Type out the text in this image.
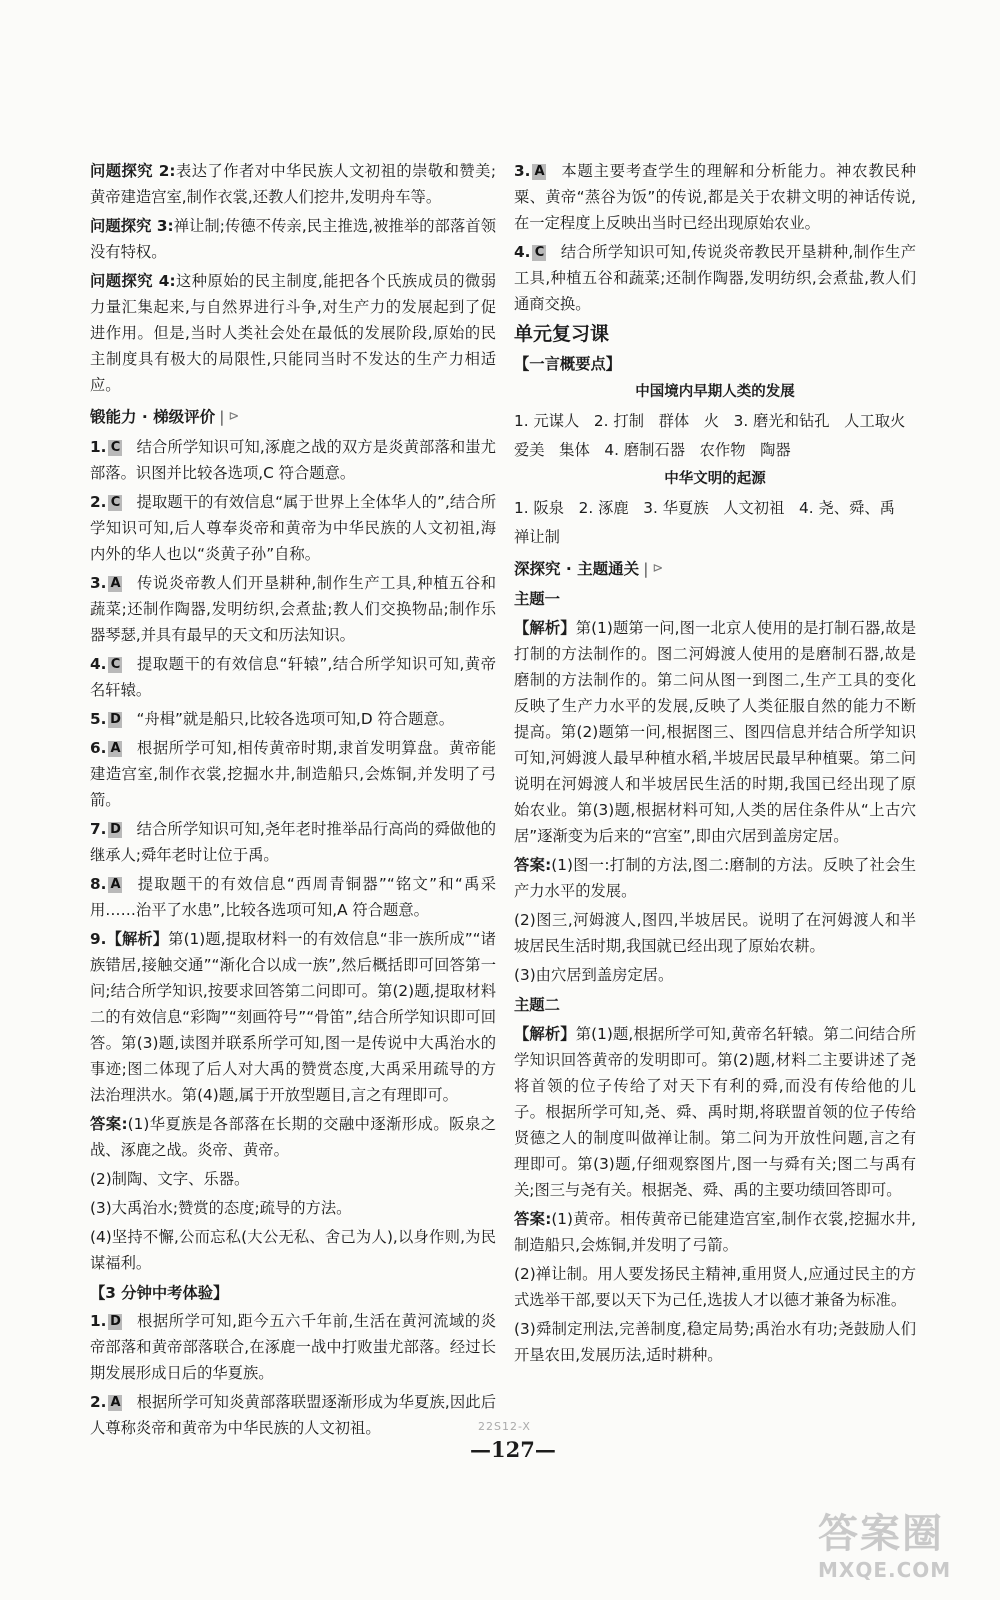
问题探究 2:表达了作者对中华民族人文初祖的崇敬和赞美;黄帝建造宫室,制作衣裳,还教人们挖井,发明舟车等。

问题探究 3:禅让制;传德不传亲,民主推选,被推举的部落首领没有特权。

问题探究 4:这种原始的民主制度,能把各个氏族成员的微弱力量汇集起来,与自然界进行斗争,对生产力的发展起到了促进作用。但是,当时人类社会处在最低的发展阶段,原始的民主制度具有极大的局限性,只能同当时不发达的生产力相适应。

锻能力 · 梯级评价 | ⊳

1. C 结合所学知识可知,涿鹿之战的双方是炎黄部落和蚩尤部落。识图并比较各选项,C 符合题意。

2. C 提取题干的有效信息“属于世界上全体华人的”,结合所学知识可知,后人尊奉炎帝和黄帝为中华民族的人文初祖,海内外的华人也以“炎黄子孙”自称。

3. A 传说炎帝教人们开垦耕种,制作生产工具,种植五谷和蔬菜;还制作陶器,发明纺织,会煮盐;教人们交换物品;制作乐器琴瑟,并具有最早的天文和历法知识。

4. C 提取题干的有效信息“轩辕”,结合所学知识可知,黄帝名轩辕。

5. D “舟楫”就是船只,比较各选项可知,D 符合题意。

6. A 根据所学可知,相传黄帝时期,隶首发明算盘。黄帝能建造宫室,制作衣裳,挖掘水井,制造船只,会炼铜,并发明了弓箭。

7. D 结合所学知识可知,尧年老时推举品行高尚的舜做他的继承人;舜年老时让位于禹。

8. A 提取题干的有效信息“西周青铜器”“铭文”和“禹采用……治平了水患”,比较各选项可知,A 符合题意。

9.【解析】第(1)题,提取材料一的有效信息“非一族所成”“诸族错居,接触交通”“渐化合以成一族”,然后概括即可回答第一问;结合所学知识,按要求回答第二问即可。第(2)题,提取材料二的有效信息“彩陶”“刻画符号”“骨笛”,结合所学知识即可回答。第(3)题,读图并联系所学可知,图一是传说中大禹治水的事迹;图二体现了后人对大禹的赞赏态度,大禹采用疏导的方法治理洪水。第(4)题,属于开放型题目,言之有理即可。

答案:(1)华夏族是各部落在长期的交融中逐渐形成。阪泉之战、涿鹿之战。炎帝、黄帝。

(2)制陶、文字、乐器。

(3)大禹治水;赞赏的态度;疏导的方法。

(4)坚持不懈,公而忘私(大公无私、舍己为人),以身作则,为民谋福利。

【3 分钟中考体验】

1. D 根据所学可知,距今五六千年前,生活在黄河流域的炎帝部落和黄帝部落联合,在涿鹿一战中打败蚩尤部落。经过长期发展形成日后的华夏族。

2. A 根据所学可知炎黄部落联盟逐渐形成为华夏族,因此后人尊称炎帝和黄帝为中华民族的人文初祖。

3. A 本题主要考查学生的理解和分析能力。神农教民种粟、黄帝“蒸谷为饭”的传说,都是关于农耕文明的神话传说,在一定程度上反映出当时已经出现原始农业。

4. C 结合所学知识可知,传说炎帝教民开垦耕种,制作生产工具,种植五谷和蔬菜;还制作陶器,发明纺织,会煮盐,教人们通商交换。

单元复习课

【一言概要点】

中国境内早期人类的发展

1. 元谋人   2. 打制   群体   火   3. 磨光和钻孔   人工取火

爱美   集体   4. 磨制石器   农作物   陶器

中华文明的起源

1. 阪泉   2. 涿鹿   3. 华夏族   人文初祖   4. 尧、舜、禹

禅让制

深探究 · 主题通关 | ⊳

主题一

【解析】第(1)题第一问,图一北京人使用的是打制石器,故是打制的方法制作的。图二河姆渡人使用的是磨制石器,故是磨制的方法制作的。第二问从图一到图二,生产工具的变化反映了生产力水平的发展,反映了人类征服自然的能力不断提高。第(2)题第一问,根据图三、图四信息并结合所学知识可知,河姆渡人最早种植水稻,半坡居民最早种植粟。第二问说明在河姆渡人和半坡居民生活的时期,我国已经出现了原始农业。第(3)题,根据材料可知,人类的居住条件从“上古穴居”逐渐变为后来的“宫室”,即由穴居到盖房定居。

答案:(1)图一:打制的方法,图二:磨制的方法。反映了社会生产力水平的发展。

(2)图三,河姆渡人,图四,半坡居民。说明了在河姆渡人和半坡居民生活时期,我国就已经出现了原始农耕。

(3)由穴居到盖房定居。

主题二

【解析】第(1)题,根据所学可知,黄帝名轩辕。第二问结合所学知识回答黄帝的发明即可。第(2)题,材料二主要讲述了尧将首领的位子传给了对天下有利的舜,而没有传给他的儿子。根据所学可知,尧、舜、禹时期,将联盟首领的位子传给贤德之人的制度叫做禅让制。第二问为开放性问题,言之有理即可。第(3)题,仔细观察图片,图一与舜有关;图二与禹有关;图三与尧有关。根据尧、舜、禹的主要功绩回答即可。

答案:(1)黄帝。相传黄帝已能建造宫室,制作衣裳,挖掘水井,制造船只,会炼铜,并发明了弓箭。

(2)禅让制。用人要发扬民主精神,重用贤人,应通过民主的方式选举干部,要以天下为己任,选拔人才以德才兼备为标准。

(3)舜制定刑法,完善制度,稳定局势;禹治水有功;尧鼓励人们开垦农田,发展历法,适时耕种。

22S12-X
—127—
答案圈
MXQE.COM
